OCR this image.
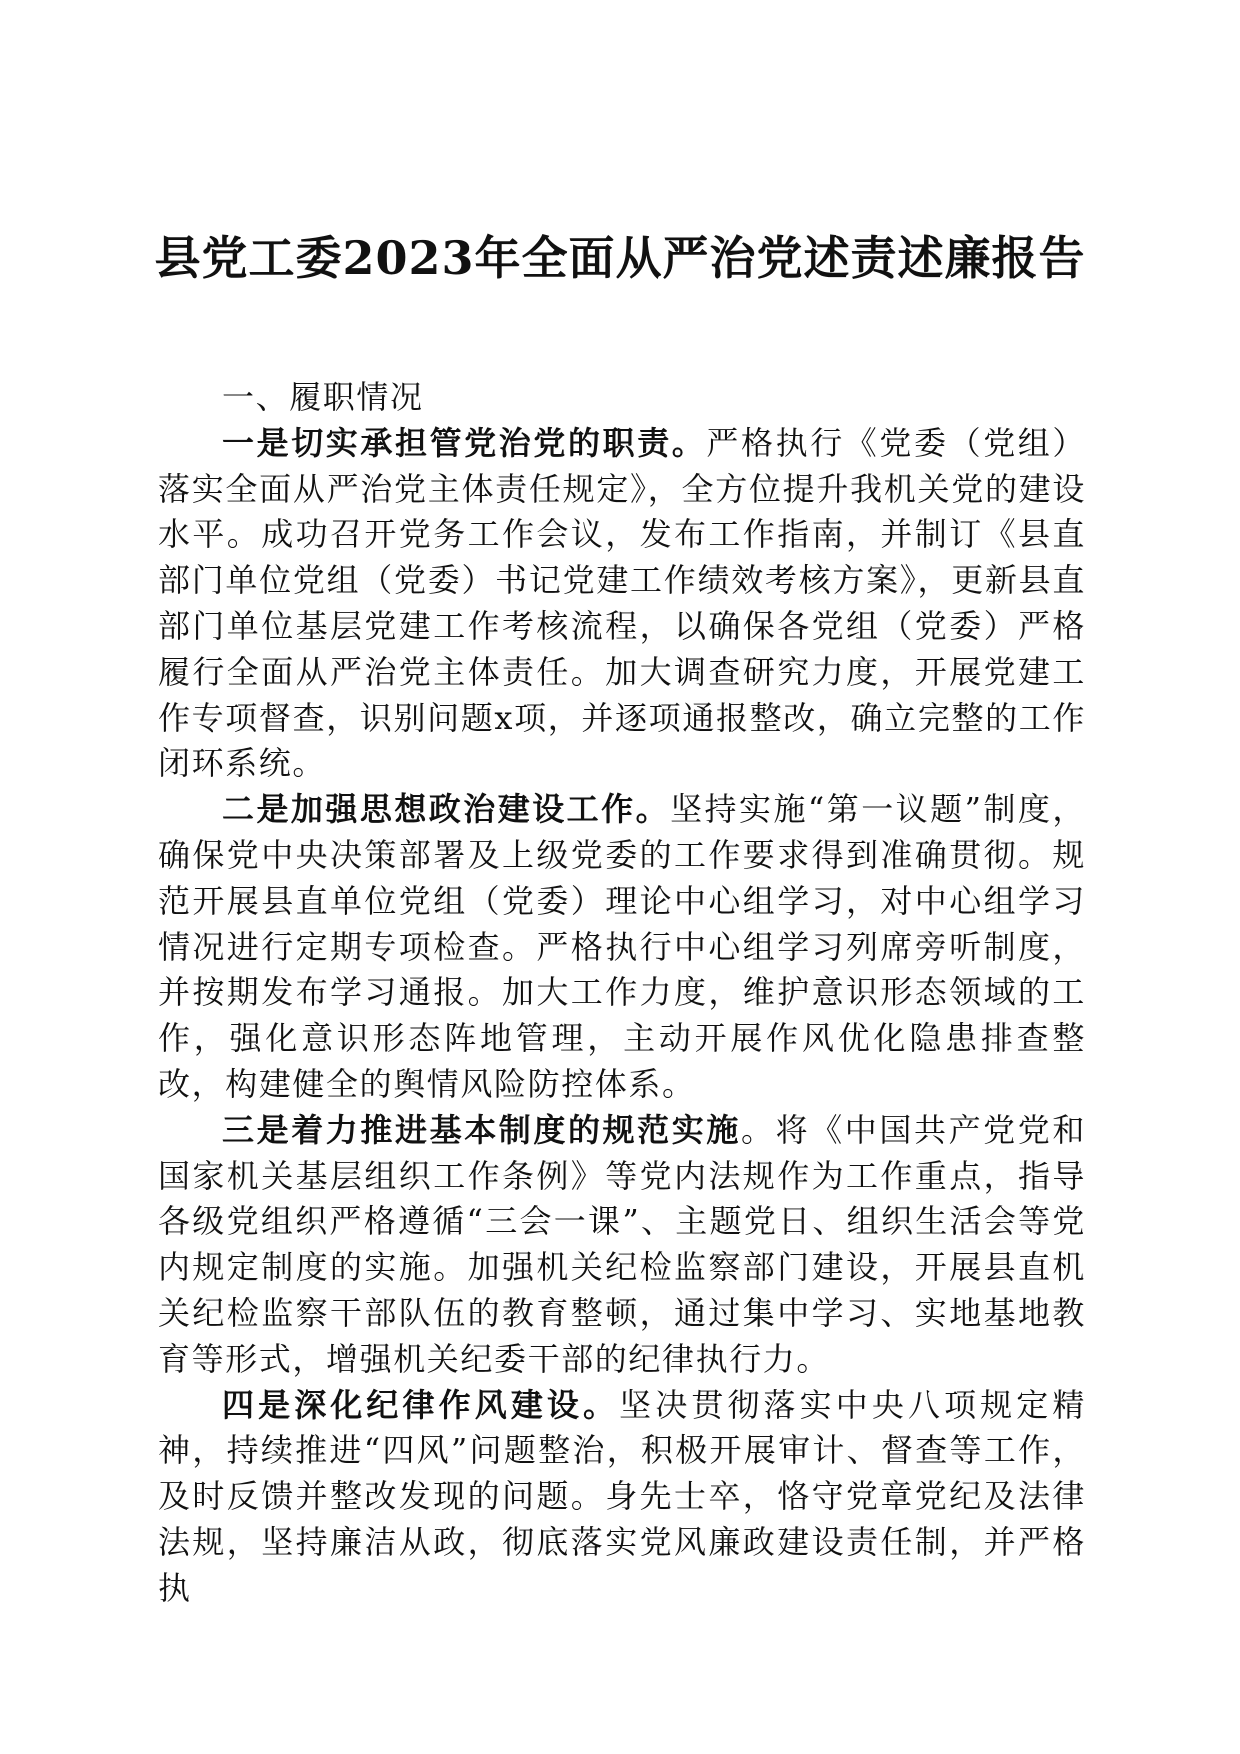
县党工委2023年全面从严治党述责述廉报告

一、履职情况

一是切实承担管党治党的职责。严格执行《党委（党组）落实全面从严治党主体责任规定》，全方位提升我机关党的建设水平。成功召开党务工作会议，发布工作指南，并制订《县直部门单位党组（党委）书记党建工作绩效考核方案》，更新县直部门单位基层党建工作考核流程，以确保各党组（党委）严格履行全面从严治党主体责任。加大调查研究力度，开展党建工作专项督查，识别问题x项，并逐项通报整改，确立完整的工作闭环系统。

二是加强思想政治建设工作。坚持实施“第一议题”制度，确保党中央决策部署及上级党委的工作要求得到准确贯彻。规范开展县直单位党组（党委）理论中心组学习，对中心组学习情况进行定期专项检查。严格执行中心组学习列席旁听制度，并按期发布学习通报。加大工作力度，维护意识形态领域的工作，强化意识形态阵地管理，主动开展作风优化隐患排查整改，构建健全的舆情风险防控体系。

三是着力推进基本制度的规范实施。将《中国共产党党和国家机关基层组织工作条例》等党内法规作为工作重点，指导各级党组织严格遵循“三会一课”、主题党日、组织生活会等党内规定制度的实施。加强机关纪检监察部门建设，开展县直机关纪检监察干部队伍的教育整顿，通过集中学习、实地基地教育等形式，增强机关纪委干部的纪律执行力。

四是深化纪律作风建设。坚决贯彻落实中央八项规定精神，持续推进“四风”问题整治，积极开展审计、督查等工作，及时反馈并整改发现的问题。身先士卒，恪守党章党纪及法律法规，坚持廉洁从政，彻底落实党风廉政建设责任制，并严格执
